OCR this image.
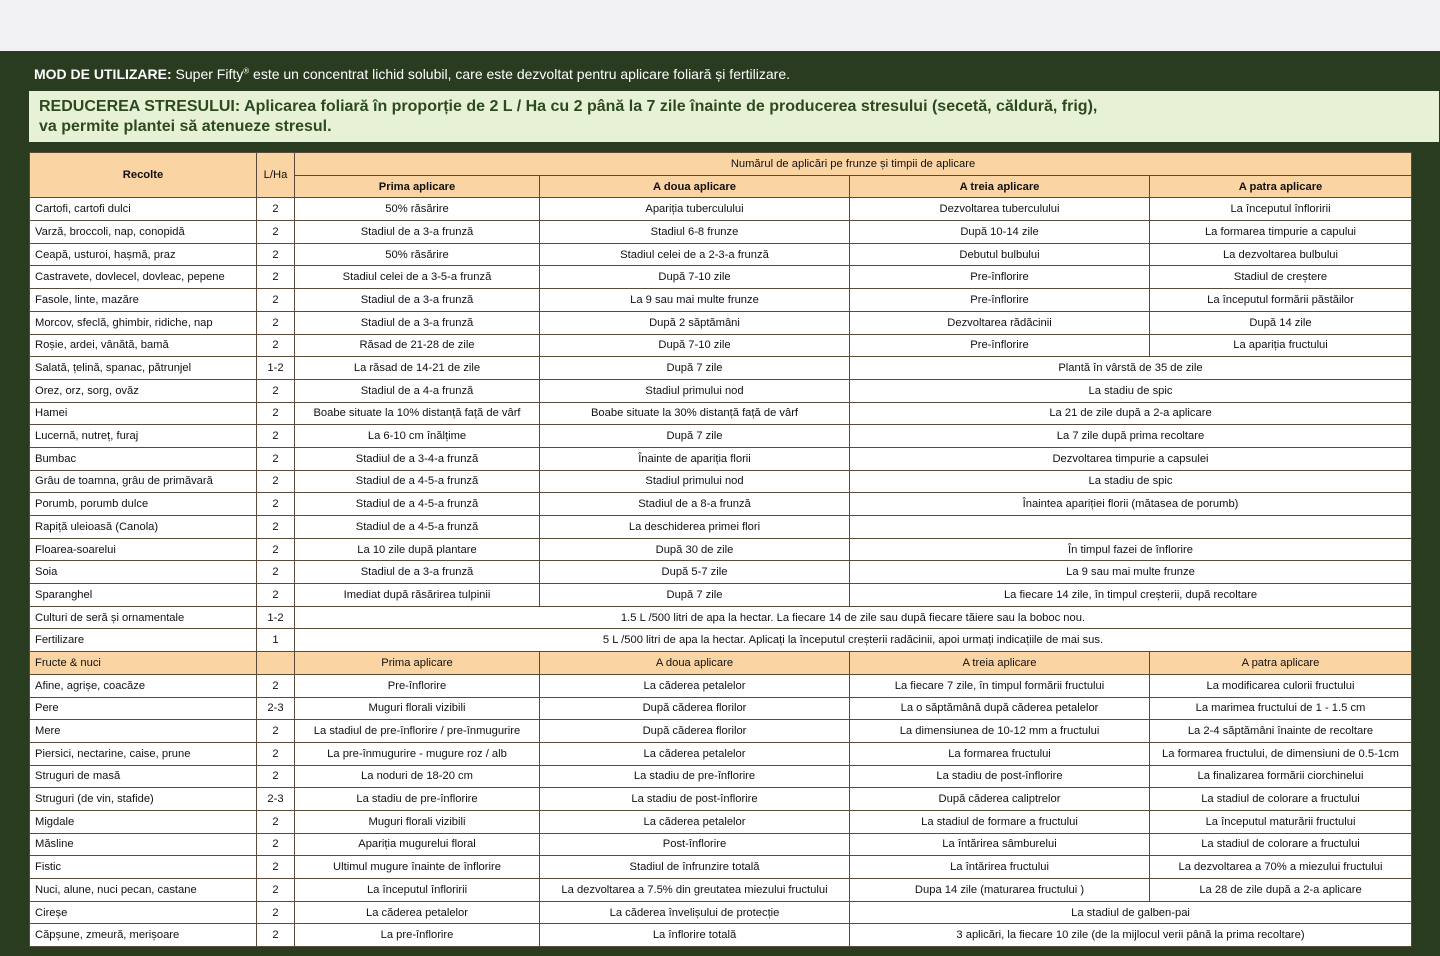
MOD DE UTILIZARE: Super Fifty® este un concentrat lichid solubil, care este dezvoltat pentru aplicare foliară și fertilizare.
REDUCEREA STRESULUI: Aplicarea foliară în proporție de 2 L / Ha cu 2 până la 7 zile înainte de producerea stresului (secetă, căldură, frig),
va permite plantei să atenueze stresul.
Recolte	L/Ha	Numărul de aplicări pe frunze și timpii de aplicare			
		Prima aplicare	A doua aplicare	A treia aplicare	A patra aplicare
Cartofi, cartofi dulci	2	50% răsărire	Apariția tuberculului	Dezvoltarea tuberculului	La începutul înfloririi
Varză, broccoli, nap, conopidă	2	Stadiul de a 3-a frunză	Stadiul 6-8 frunze	După 10-14 zile	La formarea timpurie a capului
Ceapă, usturoi, hașmă, praz	2	50% răsărire	Stadiul celei de a 2-3-a frunză	Debutul bulbului	La dezvoltarea bulbului
Castravete, dovlecel, dovleac, pepene	2	Stadiul celei de a 3-5-a frunză	După 7-10 zile	Pre-înflorire	Stadiul de creștere
Fasole, linte, mazăre	2	Stadiul de a 3-a frunză	La 9 sau mai multe frunze	Pre-înflorire	La începutul formării păstăilor
Morcov, sfeclă, ghimbir, ridiche, nap	2	Stadiul de a 3-a frunză	După 2 săptămâni	Dezvoltarea rădăcinii	După 14 zile
Roșie, ardei, vânătă, bamă	2	Răsad de 21-28 de zile	După 7-10 zile	Pre-înflorire	La apariția fructului
Salată, țelină, spanac, pătrunjel	1-2	La răsad de 14-21 de zile	După 7 zile	Plantă în vârstă de 35 de zile	
Orez, orz, sorg, ovăz	2	Stadiul de a 4-a frunză	Stadiul primului nod	La stadiu de spic	
Hamei	2	Boabe situate la 10% distanță față de vârf	Boabe situate la 30% distanță față de vârf	La 21 de zile după a 2-a aplicare	
Lucernă, nutreț, furaj	2	La 6-10 cm înălțime	După 7 zile	La 7 zile după prima recoltare	
Bumbac	2	Stadiul de a 3-4-a frunză	Înainte de apariția florii	Dezvoltarea timpurie a capsulei	
Grâu de toamna, grâu de primăvară	2	Stadiul de a 4-5-a frunză	Stadiul primului nod	La stadiu de spic	
Porumb, porumb dulce	2	Stadiul de a 4-5-a frunză	Stadiul de a 8-a frunză	Înaintea apariției florii (mătasea de porumb)	
Rapiță uleioasă (Canola)	2	Stadiul de a 4-5-a frunză	La deschiderea primei flori		
Floarea-soarelui	2	La 10 zile după plantare	După 30 de zile	În timpul fazei de înflorire	
Soia	2	Stadiul de a 3-a frunză	După 5-7 zile	La 9 sau mai multe frunze	
Sparanghel	2	Imediat după răsărirea tulpinii	După 7 zile	La fiecare 14 zile, în timpul creșterii, după recoltare	
Culturi de seră și ornamentale	1-2	1.5 L /500 litri de apa la hectar. La fiecare 14 de zile sau după fiecare tăiere sau la boboc nou.			
Fertilizare	1	5 L /500 litri de apa la hectar. Aplicați la începutul creșterii radăcinii, apoi urmați indicațiile de mai sus.			
Fructe & nuci		Prima aplicare	A doua aplicare	A treia aplicare	A patra aplicare
Afine, agrișe, coacăze	2	Pre-înflorire	La căderea petalelor	La fiecare 7 zile, în timpul formării fructului	La modificarea culorii fructului
Pere	2-3	Muguri florali vizibili	După căderea florilor	La o săptămână după căderea petalelor	La marimea fructului de 1 - 1.5 cm
Mere	2	La stadiul de pre-înflorire / pre-înmugurire	După căderea florilor	La dimensiunea de 10-12 mm a fructului	La 2-4 săptămâni înainte de recoltare
Piersici, nectarine, caise, prune	2	La pre-înmugurire - mugure roz / alb	La căderea petalelor	La formarea fructului	La formarea fructului, de dimensiuni de 0.5-1cm
Struguri de masă	2	La noduri de 18-20 cm	La stadiu de pre-înflorire	La stadiu de post-înflorire	La finalizarea formării ciorchinelui
Struguri (de vin, stafide)	2-3	La stadiu de pre-înflorire	La stadiu de post-înflorire	După căderea caliptrelor	La stadiul de colorare a fructului
Migdale	2	Muguri florali vizibili	La căderea petalelor	La stadiul de formare a fructului	La începutul maturării fructului
Măsline	2	Apariția mugurelui floral	Post-înflorire	La întărirea sâmburelui	La stadiul de colorare a fructului
Fistic	2	Ultimul mugure înainte de înflorire	Stadiul de înfrunzire totală	La întărirea fructului	La dezvoltarea a 70% a miezului fructului
Nuci, alune, nuci pecan, castane	2	La începutul înfloririi	La dezvoltarea a 7.5% din greutatea miezului fructului	Dupa 14 zile (maturarea fructului )	La 28 de zile după a 2-a aplicare
Cireșe	2	La căderea petalelor	La căderea învelișului de protecție	La stadiul de galben-pai	
Căpșune, zmeură, merișoare	2	La pre-înflorire	La înflorire totală	3 aplicări, la fiecare 10 zile (de la mijlocul verii până la prima recoltare)	
